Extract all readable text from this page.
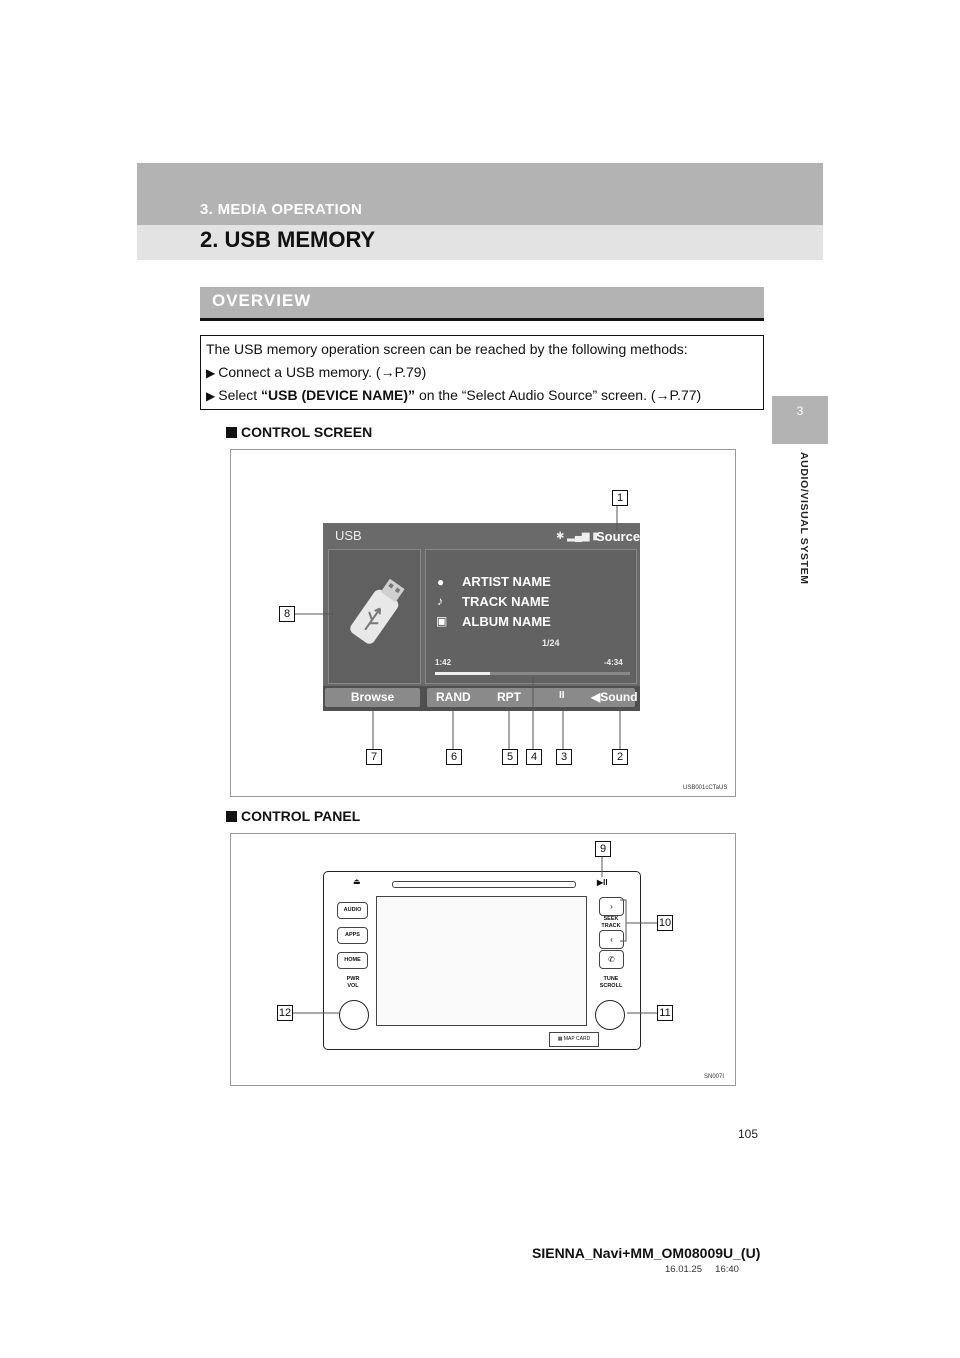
3. MEDIA OPERATION
2. USB MEMORY
3
AUDIO/VISUAL SYSTEM
OVERVIEW
The USB memory operation screen can be reached by the following methods:
▶ Connect a USB memory. (→P.79)
▶ Select “USB (DEVICE NAME)” on the “Select Audio Source” screen. (→P.77)
CONTROL SCREEN
USB001cCTaUS
USB	✱ ▂▄▆ ▮
Source
● ARTIST NAME
♪ TRACK NAME
▣ ALBUM NAME
1/24
1:42	-4:34
Browse	RAND RPT	II ◀Sound
1
2
3
4
5
6
7
8
CONTROL PANEL
SN007I
⏏	▶II
AUDIO
APPS
HOME
PWR
VOL
›
SEEK
TRACK
‹
✆
TUNE
SCROLL
▦ MAP CARD
9
10
11
12
105
SIENNA_Navi+MM_OM08009U_(U)
16.01.25     16:40
